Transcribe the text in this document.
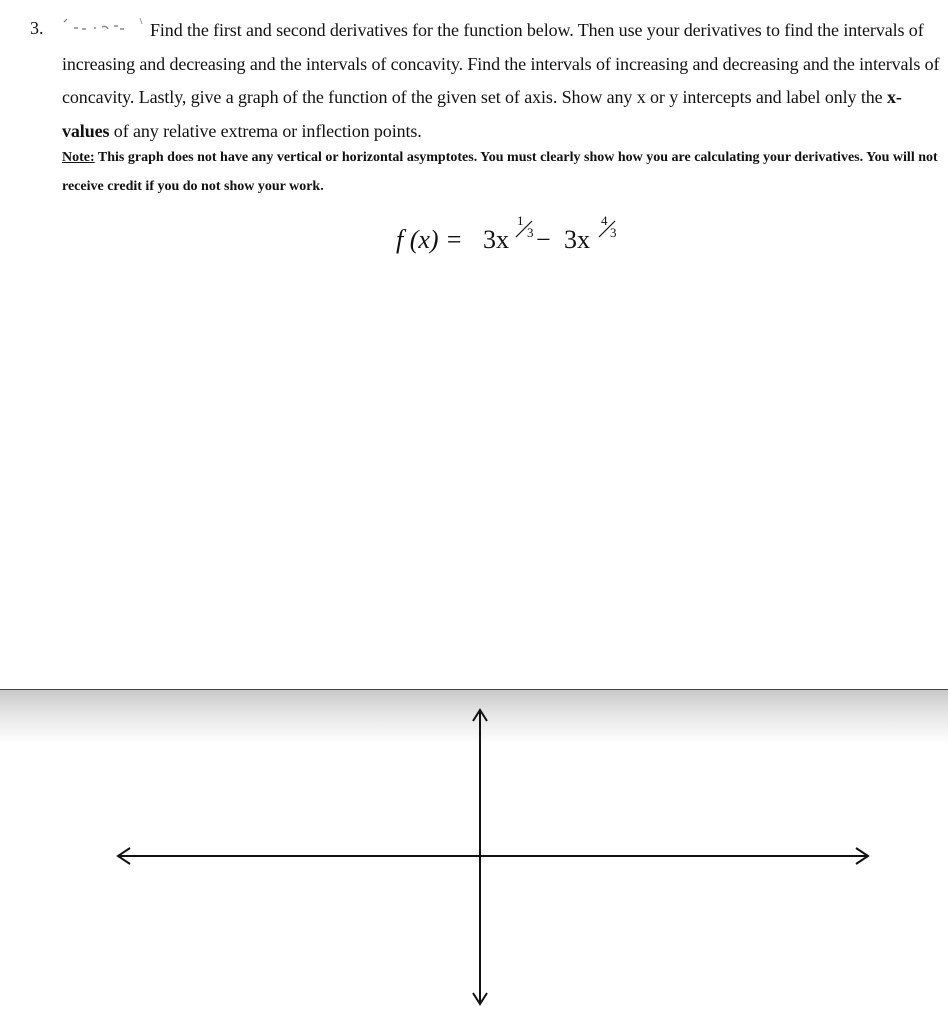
3.	Find the first and second derivatives for the function below. Then use your derivatives to find the intervals of increasing and decreasing and the intervals of concavity. Find the intervals of increasing and decreasing and the intervals of concavity. Lastly, give a graph of the function of the given set of axis. Show any x or y intercepts and label only the x-values of any relative extrema or inflection points.

Note: This graph does not have any vertical or horizontal asymptotes. You must clearly show how you are calculating your derivatives. You will not receive credit if you do not show your work.

f (x) = 3x
1
3 − 3x
4
3
